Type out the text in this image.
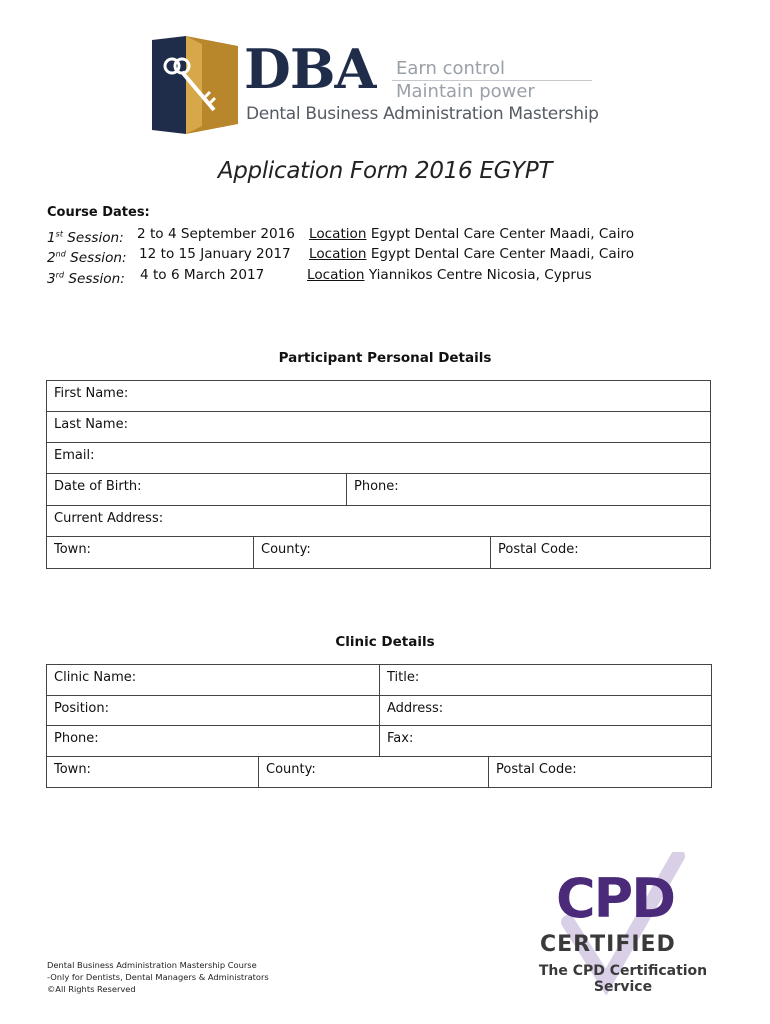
DBA Earn control
Maintain power
Dental Business Administration Mastership
Application Form 2016 EGYPT
Course Dates:
1st Session: 2 to 4 September 2016 Location Egypt Dental Care Center Maadi, Cairo
2nd Session: 12 to 15 January 2017 Location Egypt Dental Care Center Maadi, Cairo
3rd Session: 4 to 6 March 2017	Location Yiannikos Centre Nicosia, Cyprus
Participant Personal Details
First Name:
Last Name:
Email:
Date of Birth:	Phone:
Current Address:
Town:	County:	Postal Code:
Clinic Details
Clinic Name:	Title:
Position:	Address:
Phone:	Fax:
Town:	County:	Postal Code:
CPD
CERTIFIED
The CPD Certification
Service
Dental Business Administration Mastership Course
-Only for Dentists, Dental Managers & Administrators
©All Rights Reserved
